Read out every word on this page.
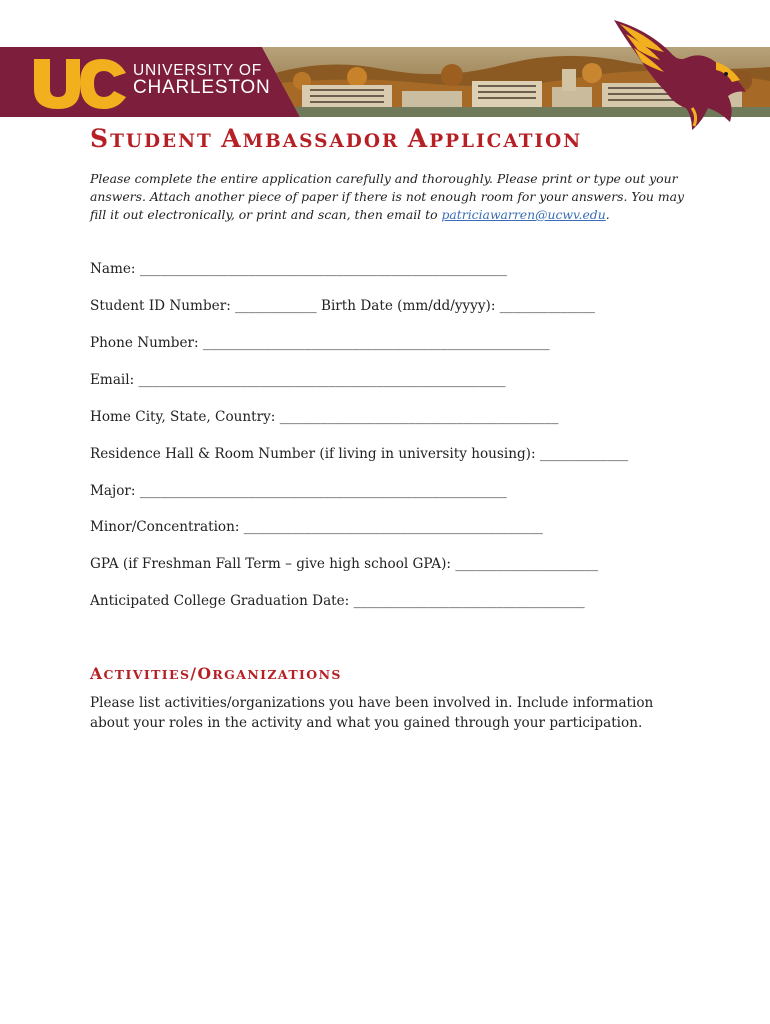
UNIVERSITY OF
CHARLESTON
STUDENT AMBASSADOR APPLICATION

Please complete the entire application carefully and thoroughly. Please print or type out your answers. Attach another piece of paper if there is not enough room for your answers. You may fill it out electronically, or print and scan, then email to patriciawarren@ucwv.edu.

Name: ______________________________________________________

Student ID Number: ____________ Birth Date (mm/dd/yyyy): ______________

Phone Number: ___________________________________________________

Email: ______________________________________________________

Home City, State, Country: _________________________________________

Residence Hall & Room Number (if living in university housing): _____________

Major: ______________________________________________________

Minor/Concentration: ____________________________________________

GPA (if Freshman Fall Term – give high school GPA): _____________________

Anticipated College Graduation Date: __________________________________

ACTIVITIES/ORGANIZATIONS

Please list activities/organizations you have been involved in. Include information about your roles in the activity and what you gained through your participation.
